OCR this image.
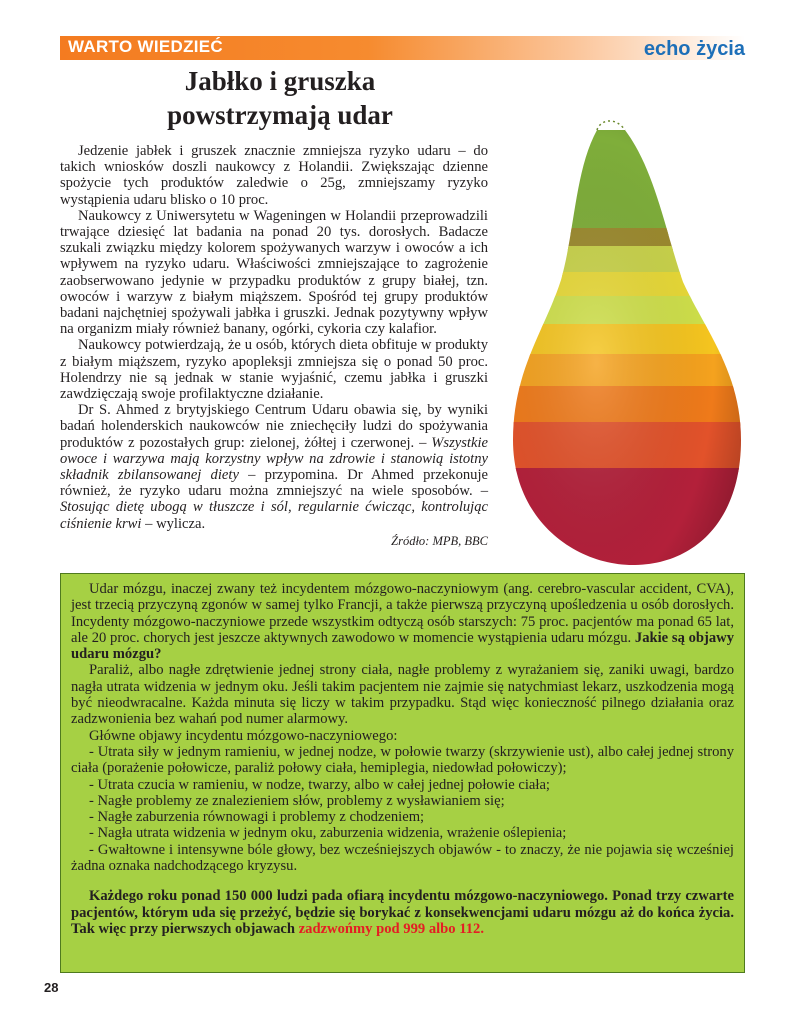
WARTO WIEDZIEĆ	echo życia
Jabłko i gruszka
powstrzymają udar

Jedzenie jabłek i gruszek znacznie zmniejsza ryzyko udaru – do takich wniosków doszli naukowcy z Holandii. Zwiększając dzienne spożycie tych produktów zaledwie o 25g, zmniejszamy ryzyko wystąpienia udaru blisko o 10 proc.

Naukowcy z Uniwersytetu w Wageningen w Holandii przeprowadzili trwające dziesięć lat badania na ponad 20 tys. dorosłych. Badacze szukali związku między kolorem spożywanych warzyw i owoców a ich wpływem na ryzyko udaru. Właściwości zmniejszające to zagrożenie zaobserwowano jedynie w przypadku produktów z grupy białej, tzn. owoców i warzyw z białym miąższem. Spośród tej grupy produktów badani najchętniej spożywali jabłka i gruszki. Jednak pozytywny wpływ na organizm miały również banany, ogórki, cykoria czy kalafior.

Naukowcy potwierdzają, że u osób, których dieta obfituje w produkty z białym miąższem, ryzyko apopleksji zmniejsza się o ponad 50 proc. Holendrzy nie są jednak w stanie wyjaśnić, czemu jabłka i gruszki zawdzięczają swoje profilaktyczne działanie.

Dr S. Ahmed z brytyjskiego Centrum Udaru obawia się, by wyniki badań holenderskich naukowców nie zniechęciły ludzi do spożywania produktów z pozostałych grup: zielonej, żółtej i czerwonej. – Wszystkie owoce i warzywa mają korzystny wpływ na zdrowie i stanowią istotny składnik zbilansowanej diety – przypomina. Dr Ahmed przekonuje również, że ryzyko udaru można zmniejszyć na wiele sposobów. – Stosując dietę ubogą w tłuszcze i sól, regularnie ćwicząc, kontrolując ciśnienie krwi – wylicza.

Źródło: MPB, BBC

Udar mózgu, inaczej zwany też incydentem mózgowo-naczyniowym (ang. cerebro-vascular accident, CVA), jest trzecią przyczyną zgonów w samej tylko Francji, a także pierwszą przyczyną upośledzenia u osób dorosłych. Incydenty mózgowo-naczyniowe przede wszystkim odtyczą osób starszych: 75 proc. pacjentów ma ponad 65 lat, ale 20 proc. chorych jest jeszcze aktywnych zawodowo w momencie wystąpienia udaru mózgu. Jakie są objawy udaru mózgu?

Paraliż, albo nagłe zdrętwienie jednej strony ciała, nagłe problemy z wyrażaniem się, zaniki uwagi, bardzo nagła utrata widzenia w jednym oku. Jeśli takim pacjentem nie zajmie się natychmiast lekarz, uszkodzenia mogą być nieodwracalne. Każda minuta się liczy w takim przypadku. Stąd więc konieczność pilnego działania oraz zadzwonienia bez wahań pod numer alarmowy.

Główne objawy incydentu mózgowo-naczyniowego:

- Utrata siły w jednym ramieniu, w jednej nodze, w połowie twarzy (skrzywienie ust), albo całej jednej strony ciała (porażenie połowicze, paraliż połowy ciała, hemiplegia, niedowład połowiczy);

- Utrata czucia w ramieniu, w nodze, twarzy, albo w całej jednej połowie ciała;

- Nagłe problemy ze znalezieniem słów, problemy z wysławianiem się;

- Nagłe zaburzenia równowagi i problemy z chodzeniem;

- Nagła utrata widzenia w jednym oku, zaburzenia widzenia, wrażenie oślepienia;

- Gwałtowne i intensywne bóle głowy, bez wcześniejszych objawów - to znaczy, że nie pojawia się wcześniej żadna oznaka nadchodzącego kryzysu.

Każdego roku ponad 150 000 ludzi pada ofiarą incydentu mózgowo-naczyniowego. Ponad trzy czwarte pacjentów, którym uda się przeżyć, będzie się borykać z konsekwencjami udaru mózgu aż do końca życia. Tak więc przy pierwszych objawach zadzwońmy pod 999 albo 112.

28
